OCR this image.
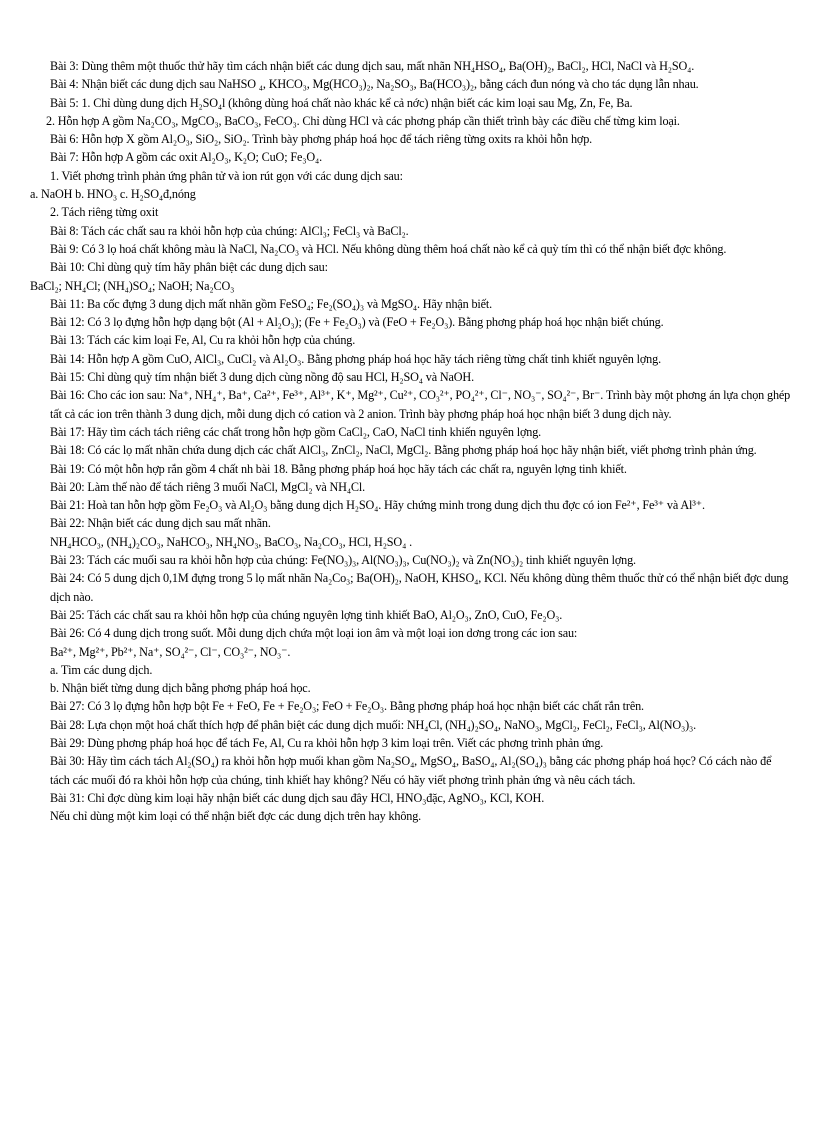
Bài 3 : Dùng thêm một thuốc thử hãy tìm cách nhận biết các dung dịch sau, mất nhãn NH₄HSO₄, Ba(OH)₂, BaCl₂, HCl, NaCl và H₂SO₄.

Bài 4 : Nhận biết các dung dịch sau NaHSO ₄, KHCO₃, Mg(HCO₃)₂, Na₂SO₃, Ba(HCO₃)₂, bằng cách đun nóng và cho tác dụng lẫn nhau.

Bài 5 : 1. Chỉ dùng dung dịch H₂SO₄l (không dùng hoá chất nào khác kể cả nớc) nhận biết các kim loại sau Mg, Zn, Fe, Ba.

2. Hỗn hợp A gồm Na₂CO₃, MgCO₃, BaCO₃, FeCO₃. Chỉ dùng HCl và các phơng pháp cần thiết trình bày các điều chế từng kim loại.

Bài 6 : Hỗn hợp X gồm Al₂O₃, SiO₂, SiO₂. Trình bày phơng pháp hoá học để tách riêng từng oxits ra khỏi hỗn hợp.

Bài 7 : Hỗn hợp A gồm các oxit Al₂O₃, K₂O; CuO; Fe₃O₄.

1. Viết phơng trình phản ứng phân tử và ion rút gọn với các dung dịch sau:

a. NaOH b. HNO₃ c. H₂SO₄đ,nóng

2. Tách riêng từng oxit

Bài 8 : Tách các chất sau ra khỏi hỗn hợp của chúng: AlCl₃; FeCl₃ và BaCl₂.

Bài 9 : Có 3 lọ hoá chất không màu là NaCl, Na₂CO₃ và HCl. Nếu không dùng thêm hoá chất nào kể cả quỳ tím thì có thể nhận biết đợc không.

Bài 10 : Chỉ dùng quỳ tím hãy phân biệt các dung dịch sau:

BaCl₂; NH₄Cl; (NH₄)SO₄; NaOH; Na₂CO₃

Bài 11 : Ba cốc đựng 3 dung dịch mất nhãn gồm FeSO₄; Fe₂(SO₄)₃ và MgSO₄. Hãy nhận biết.

Bài 12 : Có 3 lọ đựng hỗn hợp dạng bột (Al + Al₂O₃); (Fe + Fe₂O₃) và (FeO + Fe₂O₃). Bằng phơng pháp hoá học nhận biết chúng.

Bài 13 : Tách các kim loại Fe, Al, Cu ra khỏi hỗn hợp của chúng.

Bài 14 : Hỗn hợp A gồm CuO, AlCl₃, CuCl₂ và Al₂O₃. Bằng phơng pháp hoá học hãy tách riêng từng chất tinh khiết nguyên lợng.

Bài 15 : Chỉ dùng quỳ tím nhận biết 3 dung dịch cùng nồng độ sau HCl, H₂SO₄ và NaOH.

Bài 16 : Cho các ion sau: Na⁺, NH₄⁺, Ba⁺, Ca²⁺, Fe³⁺, Al³⁺, K⁺, Mg²⁺, Cu²⁺, CO₃²⁺, PO₄²⁺, Cl⁻, NO₃⁻, SO₄²⁻, Br⁻. Trình bày một phơng án lựa chọn ghép tất cả các ion trên thành 3 dung dịch, mỗi dung dịch có cation và 2 anion. Trình bày phơng pháp hoá học nhận biết 3 dung dịch này.

Bài 17 : Hãy tìm cách tách riêng các chất trong hỗn hợp gồm CaCl₂, CaO, NaCl tinh khiến nguyên lợng.

Bài 18 : Có các lọ mất nhãn chứa dung dịch các chất AlCl₃, ZnCl₂, NaCl, MgCl₂. Bằng phơng pháp hoá học hãy nhận biết, viết phơng trình phản ứng.

Bài 19 : Có một hỗn hợp rắn gồm 4 chất nh bài 18. Bằng phơng pháp hoá học hãy tách các chất ra, nguyên lợng tinh khiết.

Bài 20 : Làm thế nào để tách riêng 3 muối NaCl, MgCl₂ và NH₄Cl.

Bài 21 : Hoà tan hỗn hợp gồm Fe₂O₃ và Al₂O₃ bằng dung dịch H₂SO₄. Hãy chứng minh trong dung dịch thu đợc có ion Fe²⁺, Fe³⁺ và Al³⁺.

Bài 22 : Nhận biết các dung dịch sau mất nhãn.

NH₄HCO₃, (NH₄)₂CO₃, NaHCO₃, NH₄NO₃, BaCO₃, Na₂CO₃, HCl, H₂SO₄ .

Bài 23 : Tách các muối sau ra khỏi hỗn hợp của chúng: Fe(NO₃)₃, Al(NO₃)₃, Cu(NO₃)₂ và Zn(NO₃)₂ tinh khiết nguyên lợng.

Bài 24 : Có 5 dung dịch 0,1M đựng trong 5 lọ mất nhãn Na₂Co₃; Ba(OH)₂, NaOH, KHSO₄, KCl. Nếu không dùng thêm thuốc thử có thể nhận biết đợc dung dịch nào.

Bài 25 : Tách các chất sau ra khỏi hỗn hợp của chúng nguyên lợng tinh khiết BaO, Al₂O₃, ZnO, CuO, Fe₂O₃.

Bài 26 : Có 4 dung dịch trong suốt. Mỗi dung dịch chứa một loại ion âm và một loại ion dơng trong các ion sau:

Ba²⁺, Mg²⁺, Pb²⁺, Na⁺, SO₄²⁻, Cl⁻, CO₃²⁻, NO₃⁻.

a. Tìm các dung dịch.

b. Nhận biết từng dung dịch bằng phơng pháp hoá học.

Bài 27 : Có 3 lọ đựng hỗn hợp bột Fe + FeO, Fe + Fe₂O₃; FeO + Fe₂O₃. Bằng phơng pháp hoá học nhận biết các chất rắn trên.

Bài 28 : Lựa chọn một hoá chất thích hợp để phân biệt các dung dịch muối: NH₄Cl, (NH₄)₂SO₄, NaNO₃, MgCl₂, FeCl₂, FeCl₃, Al(NO₃)₃.

Bài 29 : Dùng phơng pháp hoá học để tách Fe, Al, Cu ra khỏi hỗn hợp 3 kim loại trên. Viết các phơng trình phản ứng.

Bài 30 : Hãy tìm cách tách Al₂(SO₄) ra khỏi hỗn hợp muối khan gồm Na₂SO₄, MgSO₄, BaSO₄, Al₂(SO₄)₃ bằng các phơng pháp hoá học? Có cách nào để tách các muối đó ra khỏi hỗn hợp của chúng, tinh khiết hay không? Nếu có hãy viết phơng trình phản ứng và nêu cách tách.

Bài 31 : Chỉ đợc dùng kim loại hãy nhận biết các dung dịch sau đây HCl, HNO₃đặc, AgNO₃, KCl, KOH.

Nếu chỉ dùng một kim loại có thể nhận biết đợc các dung dịch trên hay không.
